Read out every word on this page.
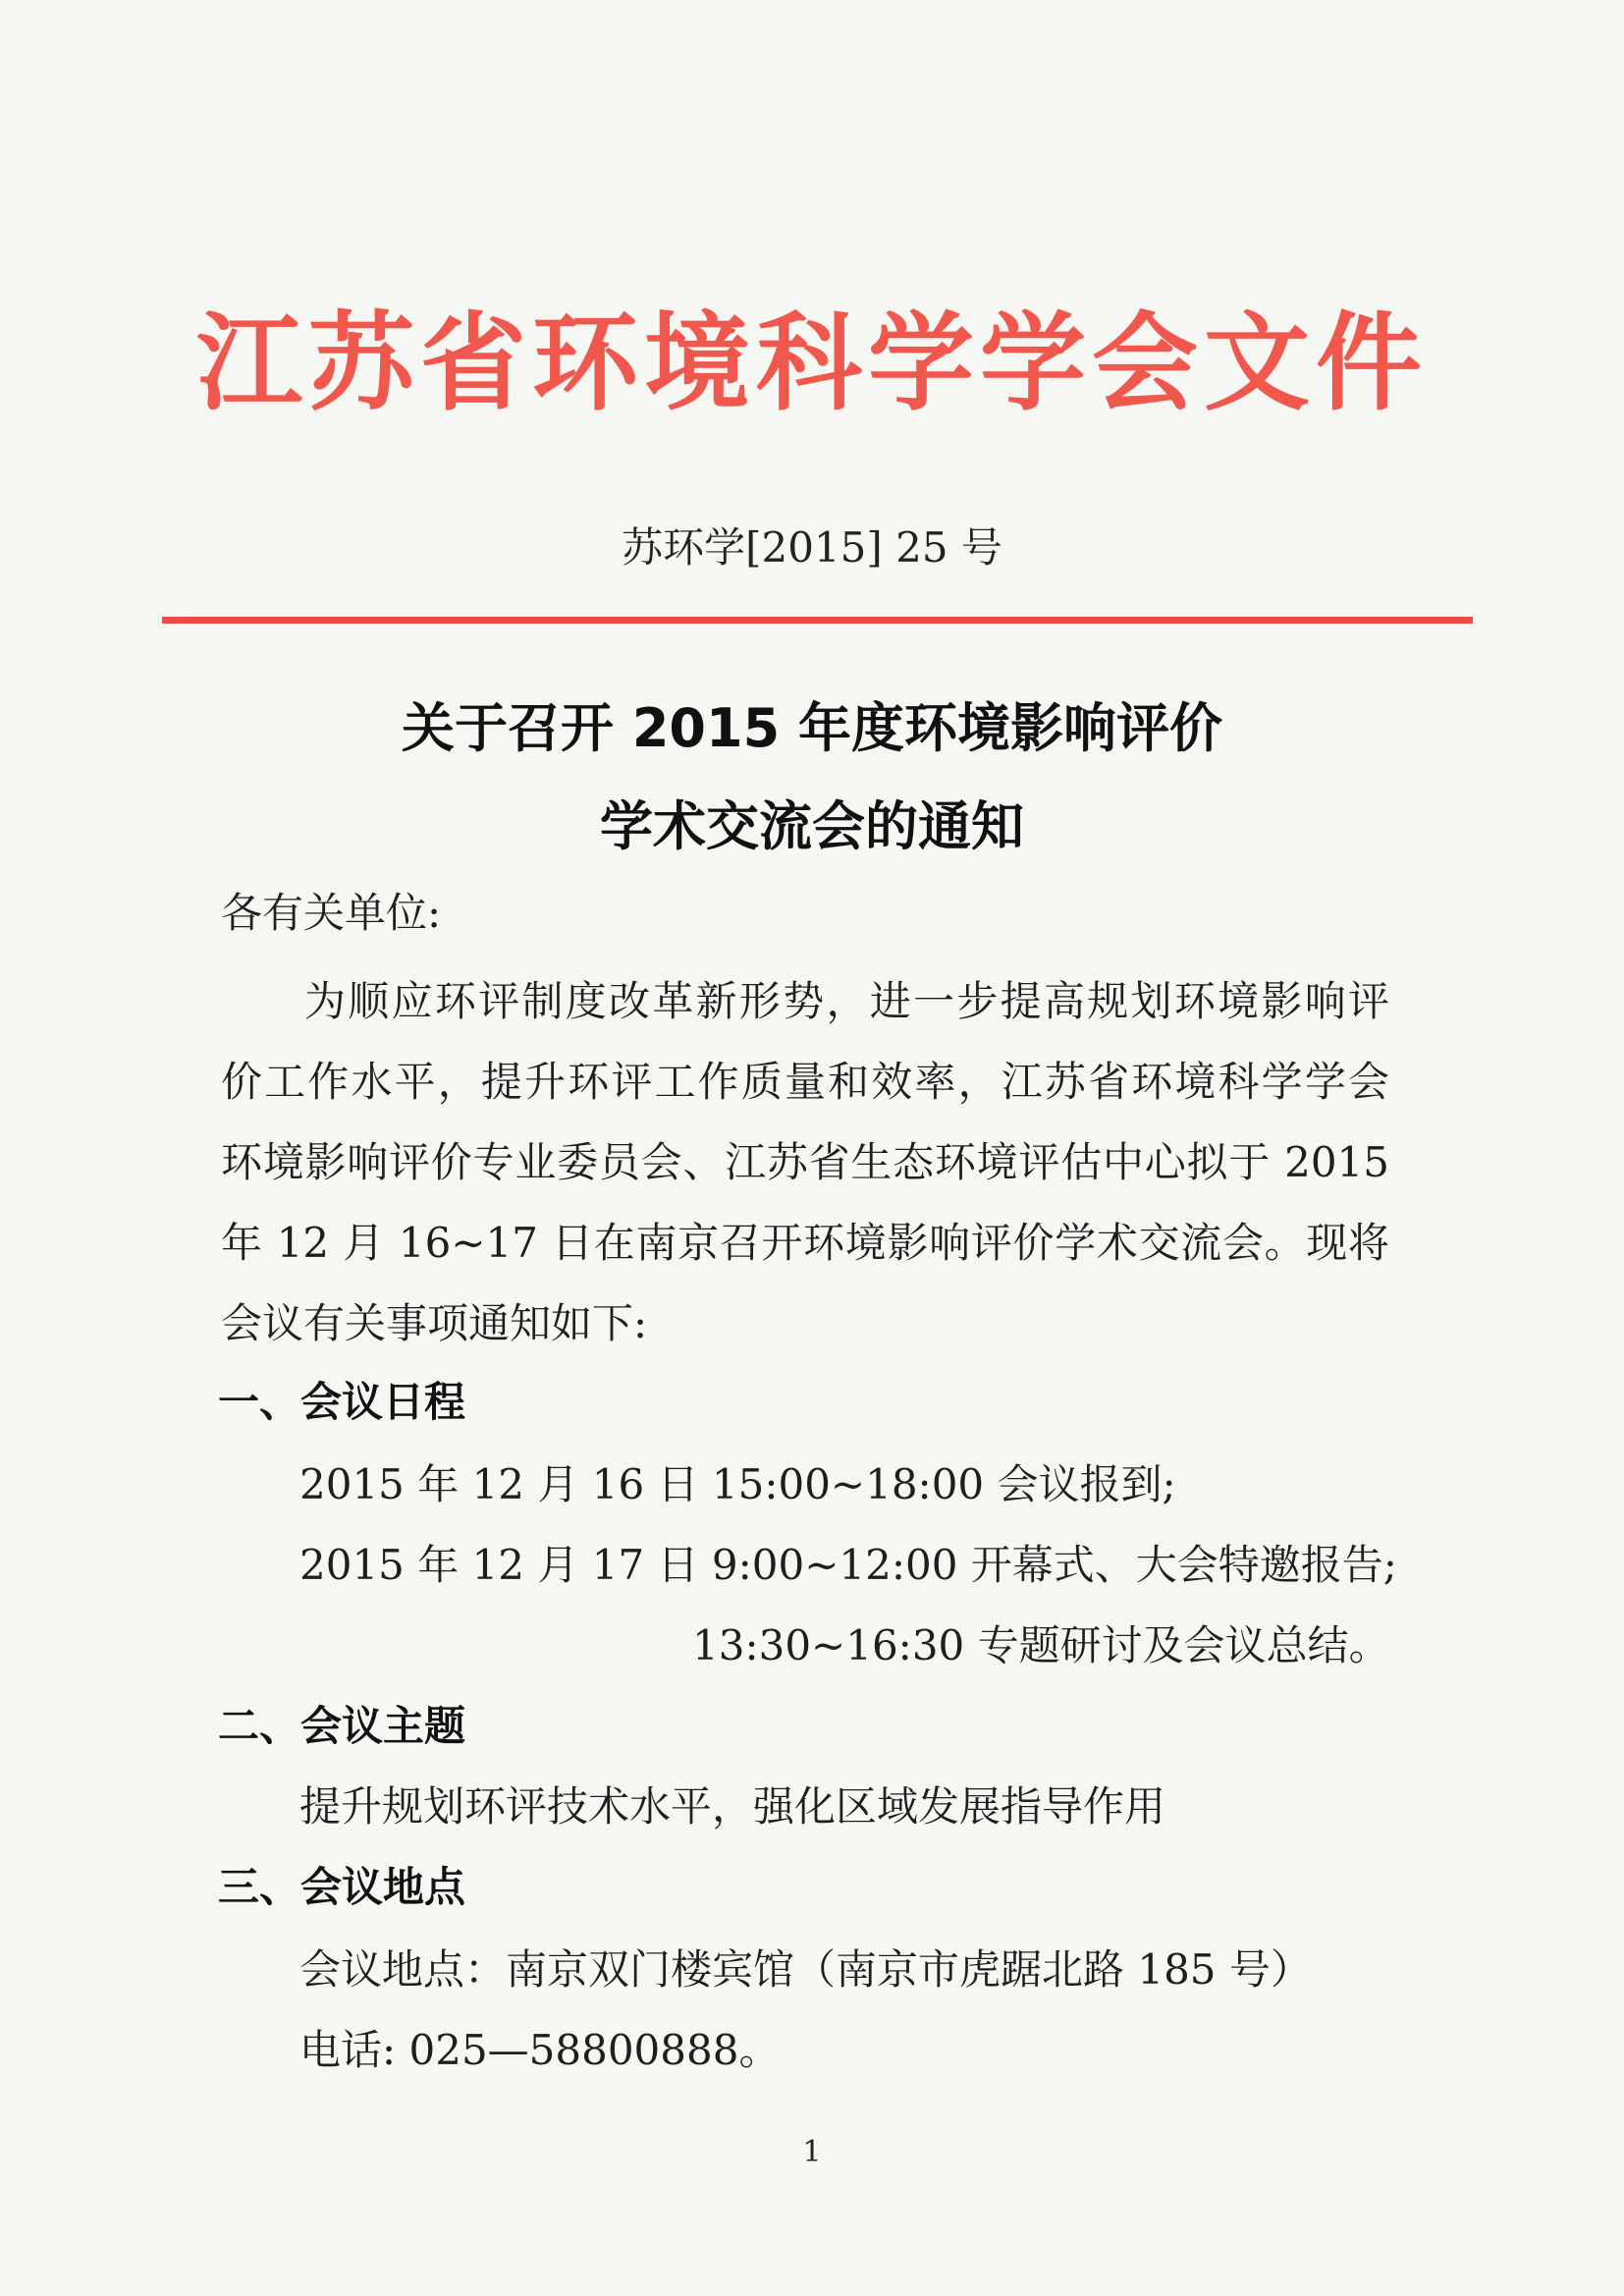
江苏省环境科学学会文件
苏环学[2015] 25 号
关于召开 2015 年度环境影响评价
学术交流会的通知
各有关单位:
为顺应环评制度改革新形势，进一步提高规划环境影响评
价工作水平，提升环评工作质量和效率，江苏省环境科学学会
环境影响评价专业委员会、江苏省生态环境评估中心拟于 2015
年 12 月 16~17 日在南京召开环境影响评价学术交流会。现将
会议有关事项通知如下:
一、会议日程
2015 年 12 月 16 日 15:00~18:00 会议报到;
2015 年 12 月 17 日 9:00~12:00 开幕式、大会特邀报告;
13:30~16:30 专题研讨及会议总结。
二、会议主题
提升规划环评技术水平，强化区域发展指导作用
三、会议地点
会议地点：南京双门楼宾馆（南京市虎踞北路 185 号）
电话: 025—58800888。
1
